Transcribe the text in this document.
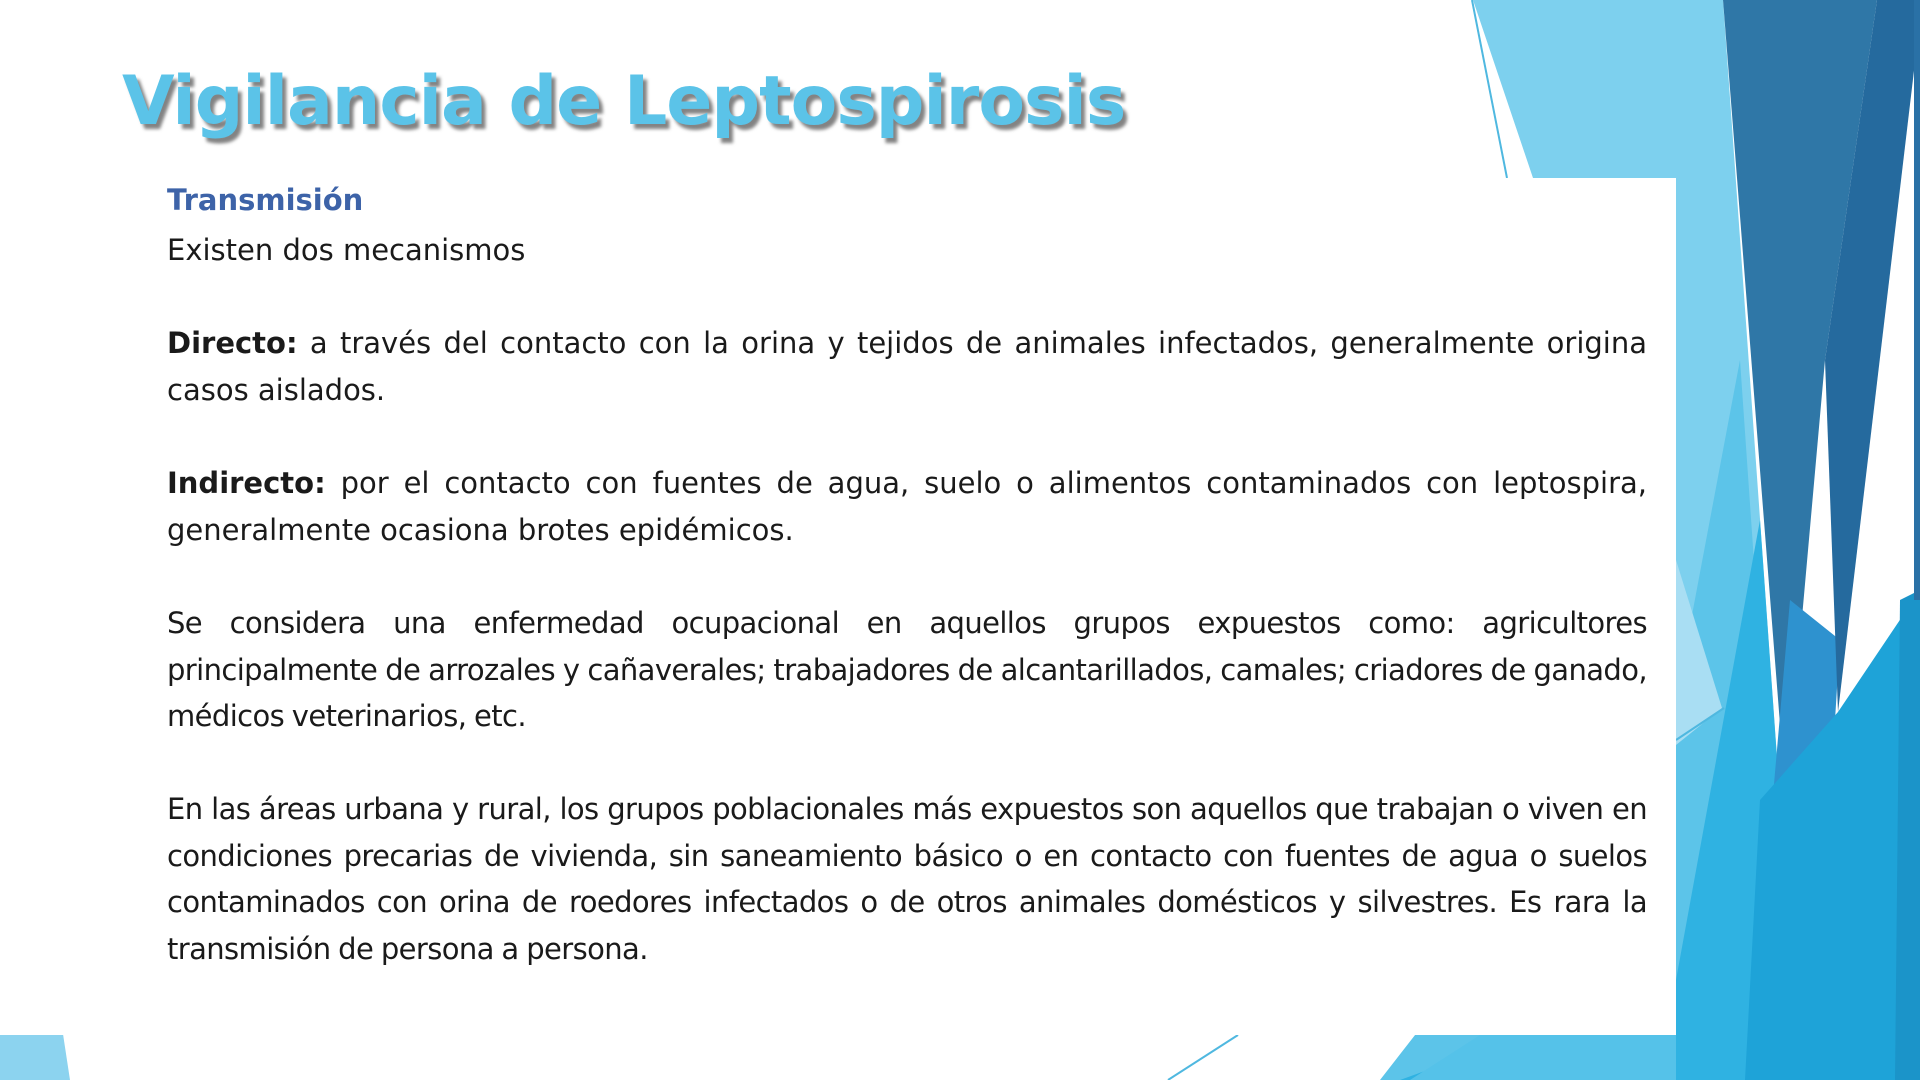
Vigilancia de Leptospirosis
Transmisión
Existen dos mecanismos
Directo: a través del contacto con la orina y tejidos de animales infectados, generalmente origina casos aislados.
Indirecto: por el contacto con fuentes de agua, suelo o alimentos contaminados con leptospira, generalmente ocasiona brotes epidémicos.
Se considera una enfermedad ocupacional en aquellos grupos expuestos como: agricultores principalmente de arrozales y cañaverales; trabajadores de alcantarillados, camales; criadores de ganado, médicos veterinarios, etc.
En las áreas urbana y rural, los grupos poblacionales más expuestos son aquellos que trabajan o viven en condiciones precarias de vivienda, sin saneamiento básico o en contacto con fuentes de agua o suelos contaminados con orina de roedores infectados o de otros animales domésticos y silvestres. Es rara la transmisión de persona a persona.
